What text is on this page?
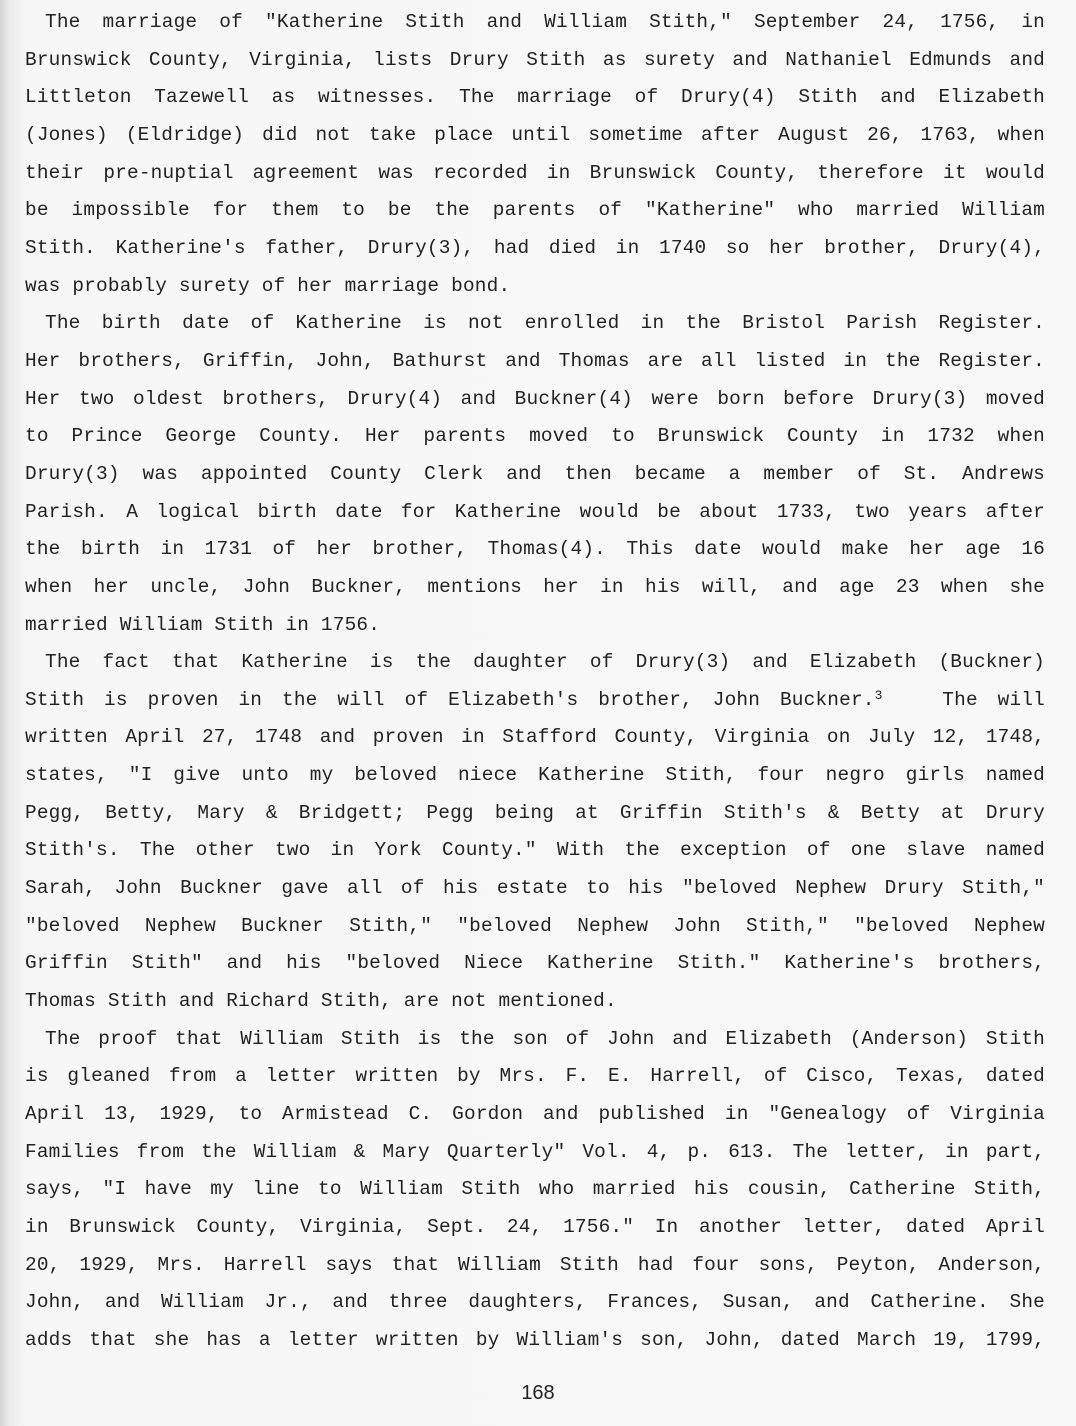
The marriage of "Katherine Stith and William Stith," September 24, 1756, in
Brunswick County, Virginia, lists Drury Stith as surety and Nathaniel Edmunds and
Littleton Tazewell as witnesses. The marriage of Drury(4) Stith and Elizabeth
(Jones) (Eldridge) did not take place until sometime after August 26, 1763, when
their pre-nuptial agreement was recorded in Brunswick County, therefore it would
be impossible for them to be the parents of "Katherine" who married William
Stith. Katherine's father, Drury(3), had died in 1740 so her brother, Drury(4),
was probably surety of her marriage bond.
The birth date of Katherine is not enrolled in the Bristol Parish Register.
Her brothers, Griffin, John, Bathurst and Thomas are all listed in the Register.
Her two oldest brothers, Drury(4) and Buckner(4) were born before Drury(3) moved
to Prince George County. Her parents moved to Brunswick County in 1732 when
Drury(3) was appointed County Clerk and then became a member of St. Andrews
Parish. A logical birth date for Katherine would be about 1733, two years after
the birth in 1731 of her brother, Thomas(4). This date would make her age 16
when her uncle, John Buckner, mentions her in his will, and age 23 when she
married William Stith in 1756.
The fact that Katherine is the daughter of Drury(3) and Elizabeth (Buckner)
Stith is proven in the will of Elizabeth's brother, John Buckner.$^3$	The will
written April 27, 1748 and proven in Stafford County, Virginia on July 12, 1748,
states, "I give unto my beloved niece Katherine Stith, four negro girls named
Pegg, Betty, Mary & Bridgett; Pegg being at Griffin Stith's & Betty at Drury
Stith's. The other two in York County." With the exception of one slave named
Sarah, John Buckner gave all of his estate to his "beloved Nephew Drury Stith,"
"beloved Nephew Buckner Stith," "beloved Nephew John Stith," "beloved Nephew
Griffin Stith" and his "beloved Niece Katherine Stith." Katherine's brothers,
Thomas Stith and Richard Stith, are not mentioned.
The proof that William Stith is the son of John and Elizabeth (Anderson) Stith
is gleaned from a letter written by Mrs. F. E. Harrell, of Cisco, Texas, dated
April 13, 1929, to Armistead C. Gordon and published in "Genealogy of Virginia
Families from the William & Mary Quarterly" Vol. 4, p. 613. The letter, in part,
says, "I have my line to William Stith who married his cousin, Catherine Stith,
in Brunswick County, Virginia, Sept. 24, 1756." In another letter, dated April
20, 1929, Mrs. Harrell says that William Stith had four sons, Peyton, Anderson,
John, and William Jr., and three daughters, Frances, Susan, and Catherine. She
adds that she has a letter written by William's son, John, dated March 19, 1799,
168
